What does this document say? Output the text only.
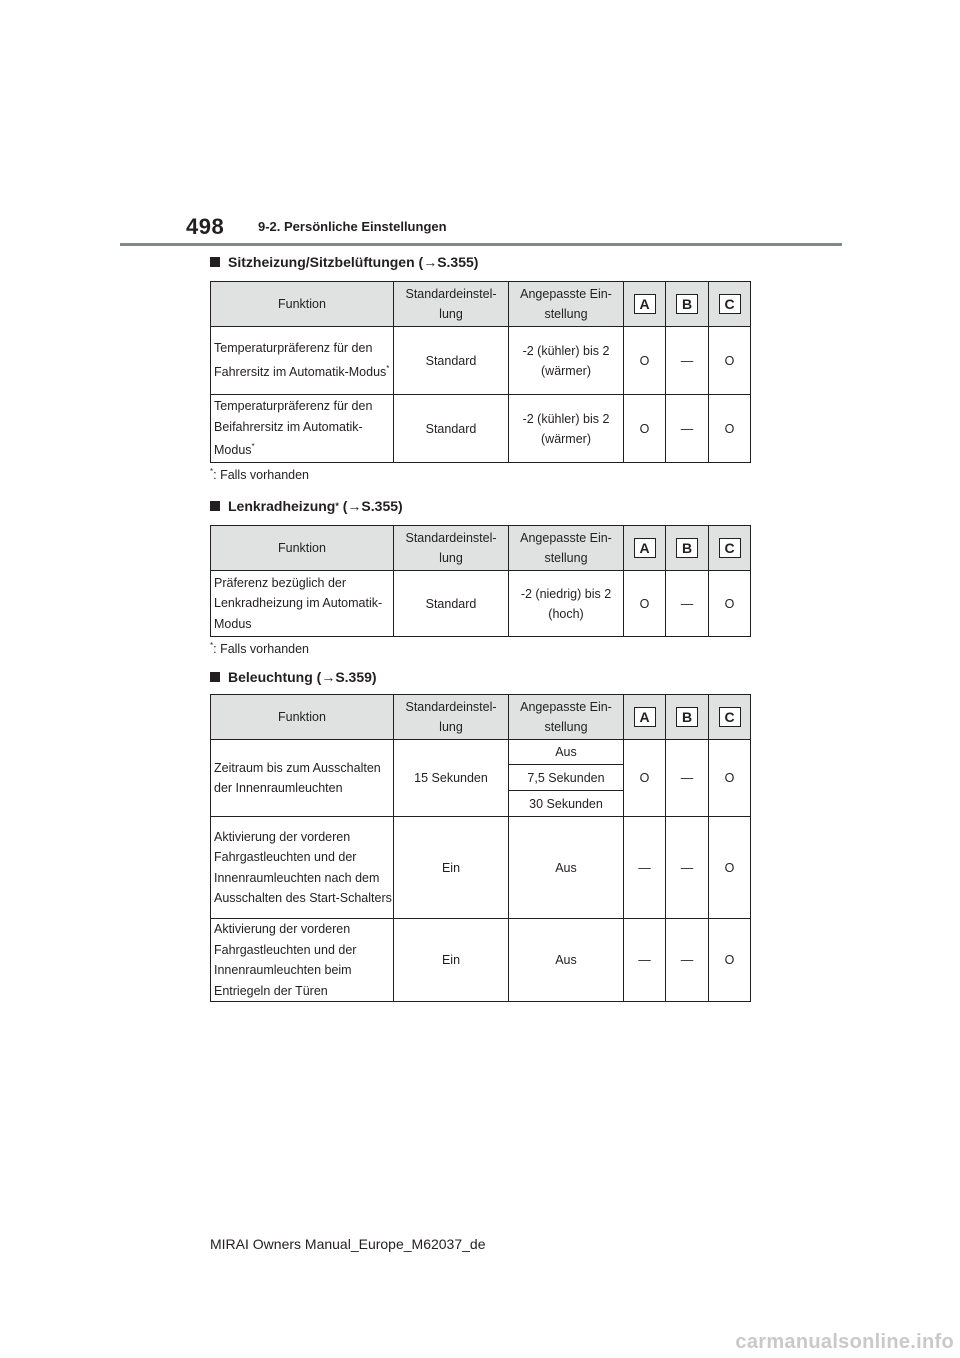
498	9-2. Persönliche Einstellungen
Sitzheizung/Sitzbelüftungen (→S.355)
Funktion	Standardeinstel-lung	Angepasste Ein-stellung	A	B	C
Temperaturpräferenz für den Fahrersitz im Automatik-Modus*	Standard	-2 (kühler) bis 2 (wärmer)	O	—	O
Temperaturpräferenz für den Beifahrersitz im Automatik-Modus*	Standard	-2 (kühler) bis 2 (wärmer)	O	—	O
*: Falls vorhanden
Lenkradheizung * (→S.355)
Funktion	Standardeinstel-lung	Angepasste Ein-stellung	A	B	C
Präferenz bezüglich der Lenkradheizung im Automatik-Modus	Standard	-2 (niedrig) bis 2 (hoch)	O	—	O
*: Falls vorhanden
Beleuchtung (→S.359)
Funktion	Standardeinstel-lung	Angepasste Ein-stellung	A	B	C
Zeitraum bis zum Ausschalten der Innenraumleuchten	15 Sekunden	Aus	O	—	O
		7,5 Sekunden			
		30 Sekunden			
Aktivierung der vorderen Fahrgastleuchten und der Innenraumleuchten nach dem Ausschalten des Start-Schalters	Ein	Aus	—	—	O
Aktivierung der vorderen Fahrgastleuchten und der Innenraumleuchten beim Entriegeln der Türen	Ein	Aus	—	—	O
MIRAI Owners Manual_Europe_M62037_de
carmanualsonline.info
